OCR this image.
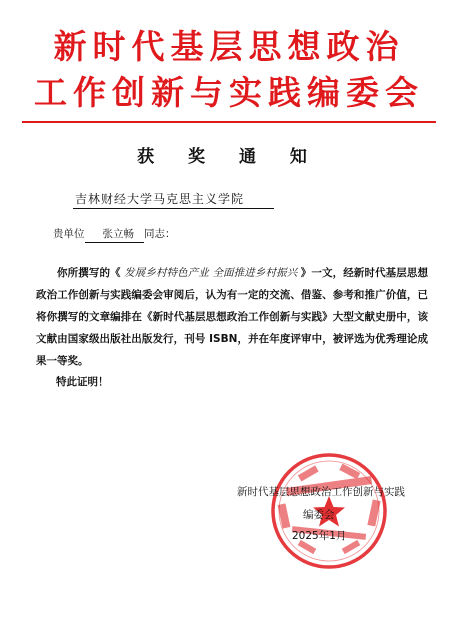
新时代基层思想政治
工作创新与实践编委会
获 奖 通 知
吉林财经大学马克思主义学院
贵单位 张立畅 同志：
你所撰写的《 发展乡村特色产业 全面推进乡村振兴 》一文，经新时代基层思想政治工作创新与实践编委会审阅后，认为有一定的交流、借鉴、参考和推广价值，已将你撰写的文章编排在《新时代基层思想政治工作创新与实践》大型文献史册中，该文献由国家级出版社出版发行，刊号 ISBN，并在年度评审中，被评选为优秀理论成果一等奖。
特此证明！
新时代基层思想政治工作创新与实践
编委会
2025年1月
